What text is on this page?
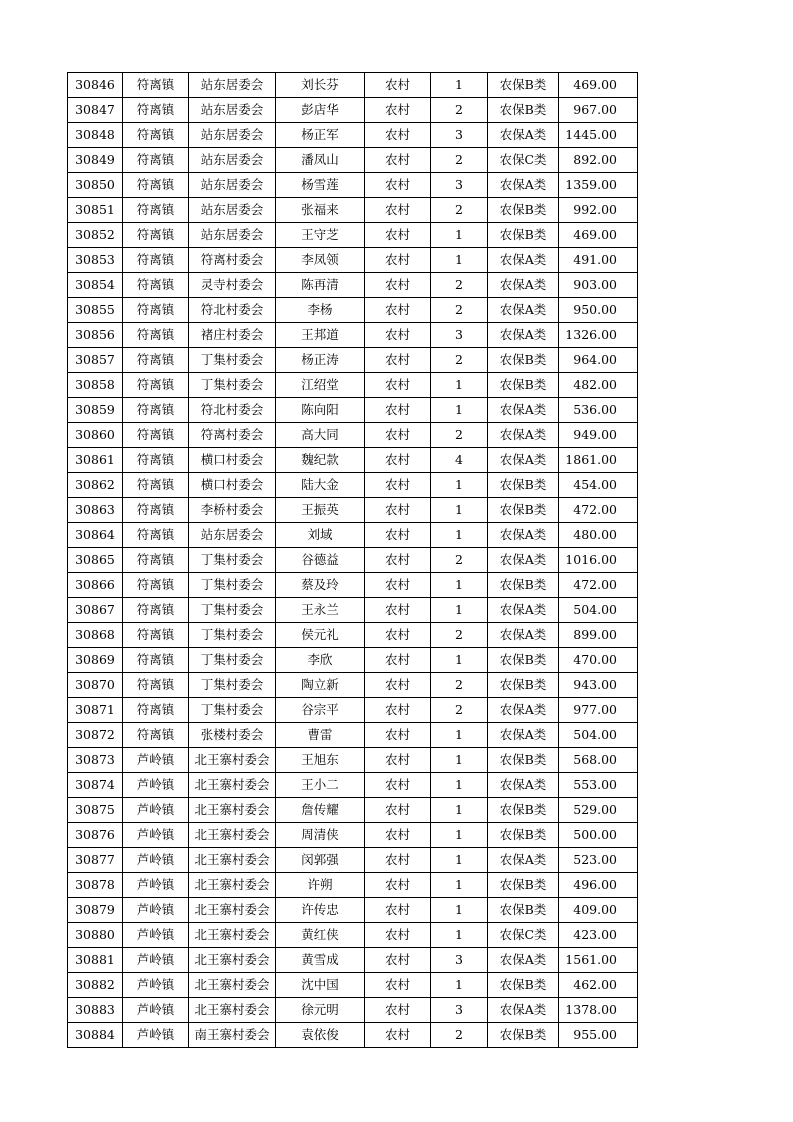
30846	符离镇	站东居委会	刘长芬	农村	1	农保B类	469.00
30847	符离镇	站东居委会	彭店华	农村	2	农保B类	967.00
30848	符离镇	站东居委会	杨正军	农村	3	农保A类	1445.00
30849	符离镇	站东居委会	潘凤山	农村	2	农保C类	892.00
30850	符离镇	站东居委会	杨雪莲	农村	3	农保A类	1359.00
30851	符离镇	站东居委会	张福来	农村	2	农保B类	992.00
30852	符离镇	站东居委会	王守芝	农村	1	农保B类	469.00
30853	符离镇	符离村委会	李凤领	农村	1	农保A类	491.00
30854	符离镇	灵寺村委会	陈再清	农村	2	农保A类	903.00
30855	符离镇	符北村委会	李杨	农村	2	农保A类	950.00
30856	符离镇	褚庄村委会	王邦道	农村	3	农保A类	1326.00
30857	符离镇	丁集村委会	杨正涛	农村	2	农保B类	964.00
30858	符离镇	丁集村委会	江绍堂	农村	1	农保B类	482.00
30859	符离镇	符北村委会	陈向阳	农村	1	农保A类	536.00
30860	符离镇	符离村委会	高大同	农村	2	农保A类	949.00
30861	符离镇	横口村委会	魏纪款	农村	4	农保A类	1861.00
30862	符离镇	横口村委会	陆大金	农村	1	农保B类	454.00
30863	符离镇	李桥村委会	王振英	农村	1	农保B类	472.00
30864	符离镇	站东居委会	刘域	农村	1	农保A类	480.00
30865	符离镇	丁集村委会	谷德益	农村	2	农保A类	1016.00
30866	符离镇	丁集村委会	蔡及玲	农村	1	农保B类	472.00
30867	符离镇	丁集村委会	王永兰	农村	1	农保A类	504.00
30868	符离镇	丁集村委会	侯元礼	农村	2	农保A类	899.00
30869	符离镇	丁集村委会	李欣	农村	1	农保B类	470.00
30870	符离镇	丁集村委会	陶立新	农村	2	农保B类	943.00
30871	符离镇	丁集村委会	谷宗平	农村	2	农保A类	977.00
30872	符离镇	张楼村委会	曹雷	农村	1	农保A类	504.00
30873	芦岭镇	北王寨村委会	王旭东	农村	1	农保B类	568.00
30874	芦岭镇	北王寨村委会	王小二	农村	1	农保A类	553.00
30875	芦岭镇	北王寨村委会	詹传耀	农村	1	农保B类	529.00
30876	芦岭镇	北王寨村委会	周清侠	农村	1	农保B类	500.00
30877	芦岭镇	北王寨村委会	闵郭强	农村	1	农保A类	523.00
30878	芦岭镇	北王寨村委会	许朔	农村	1	农保B类	496.00
30879	芦岭镇	北王寨村委会	许传忠	农村	1	农保B类	409.00
30880	芦岭镇	北王寨村委会	黄红侠	农村	1	农保C类	423.00
30881	芦岭镇	北王寨村委会	黄雪成	农村	3	农保A类	1561.00
30882	芦岭镇	北王寨村委会	沈中国	农村	1	农保B类	462.00
30883	芦岭镇	北王寨村委会	徐元明	农村	3	农保A类	1378.00
30884	芦岭镇	南王寨村委会	袁依俊	农村	2	农保B类	955.00
